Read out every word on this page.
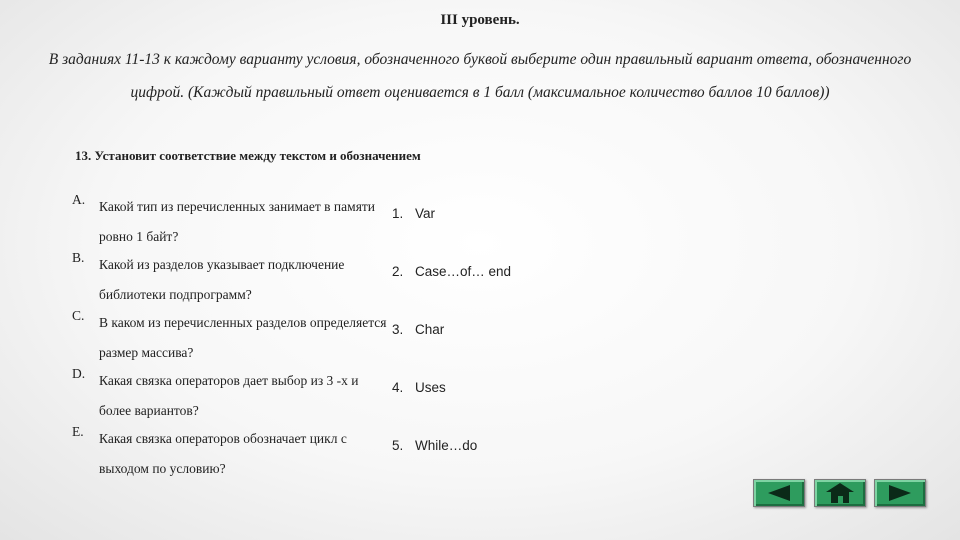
III уровень.
В заданиях 11-13 к каждому варианту условия, обозначенного буквой выберите один правильный вариант ответа, обозначенного цифрой. (Каждый правильный ответ оценивается в 1 балл (максимальное количество баллов 10 баллов))
13. Установит соответствие между текстом и обозначением
A. Какой тип из перечисленных занимает в памяти ровно 1 байт?
1. Var
B. Какой из разделов указывает подключение библиотеки подпрограмм?
2. Case…of… end
C. В каком из перечисленных разделов определяется размер массива?
3. Char
D. Какая связка операторов дает выбор из 3 -х и более вариантов?
4. Uses
E. Какая связка операторов обозначает цикл с выходом по условию?
5. While…do
